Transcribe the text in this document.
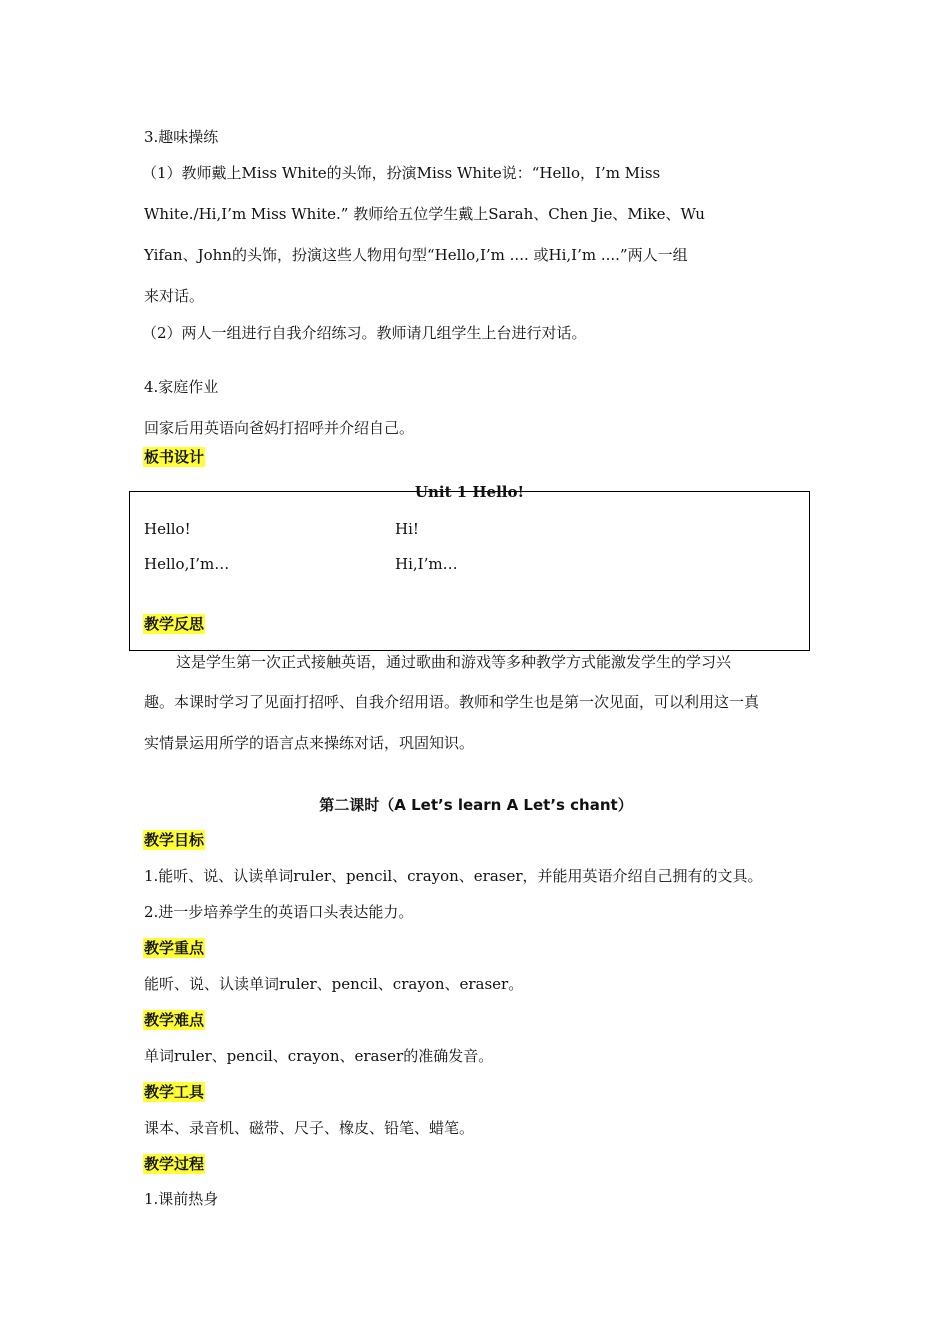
3.趣味操练
（1）教师戴上Miss White的头饰，扮演Miss White说：“Hello，I’m Miss
White./Hi,I’m Miss White.” 教师给五位学生戴上Sarah、Chen Jie、Mike、Wu
Yifan、John的头饰，扮演这些人物用句型“Hello,I’m .... 或Hi,I’m ....”两人一组
来对话。
（2）两人一组进行自我介绍练习。教师请几组学生上台进行对话。
4.家庭作业
回家后用英语向爸妈打招呼并介绍自己。
板书设计
Unit 1 Hello!
Hello!	Hi!
Hello,I’m…	Hi,I’m…
教学反思
这是学生第一次正式接触英语，通过歌曲和游戏等多种教学方式能激发学生的学习兴
趣。本课时学习了见面打招呼、自我介绍用语。教师和学生也是第一次见面，可以利用这一真
实情景运用所学的语言点来操练对话，巩固知识。
第二课时（A Let’s learn A Let’s chant）
教学目标
1.能听、说、认读单词ruler、pencil、crayon、eraser，并能用英语介绍自己拥有的文具。
2.进一步培养学生的英语口头表达能力。
教学重点
能听、说、认读单词ruler、pencil、crayon、eraser。
教学难点
单词ruler、pencil、crayon、eraser的准确发音。
教学工具
课本、录音机、磁带、尺子、橡皮、铅笔、蜡笔。
教学过程
1.课前热身
